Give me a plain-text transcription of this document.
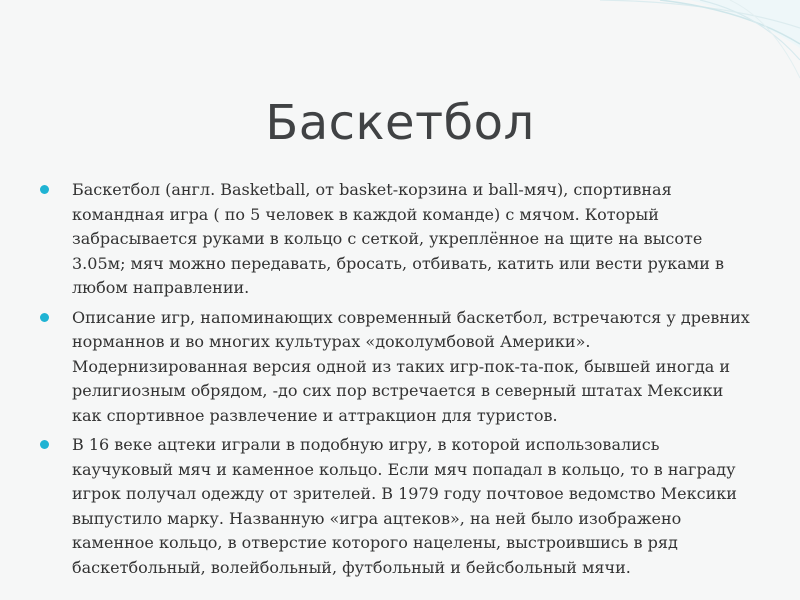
Баскетбол
Баскетбол (англ. Basketball, от basket-корзина и ball-мяч), спортивная командная игра ( по 5 человек в каждой команде) с мячом. Который забрасывается руками в кольцо с сеткой, укреплённое на щите на высоте 3.05м; мяч можно передавать, бросать, отбивать, катить или вести руками в любом направлении.
Описание игр, напоминающих современный баскетбол, встречаются у древних норманнов и во многих культурах «доколумбовой Америки». Модернизированная версия одной из таких игр-пок-та-пок, бывшей иногда и религиозным обрядом, -до сих пор встречается в северный штатах Мексики как спортивное развлечение и аттракцион для туристов.
В 16 веке ацтеки играли в подобную игру, в которой использовались каучуковый мяч и каменное кольцо. Если мяч попадал в кольцо, то в награду игрок получал одежду от зрителей. В 1979 году почтовое ведомство Мексики выпустило марку. Названную «игра ацтеков», на ней было изображено каменное кольцо, в отверстие которого нацелены, выстроившись в ряд баскетбольный, волейбольный, футбольный и бейсбольный мячи.
